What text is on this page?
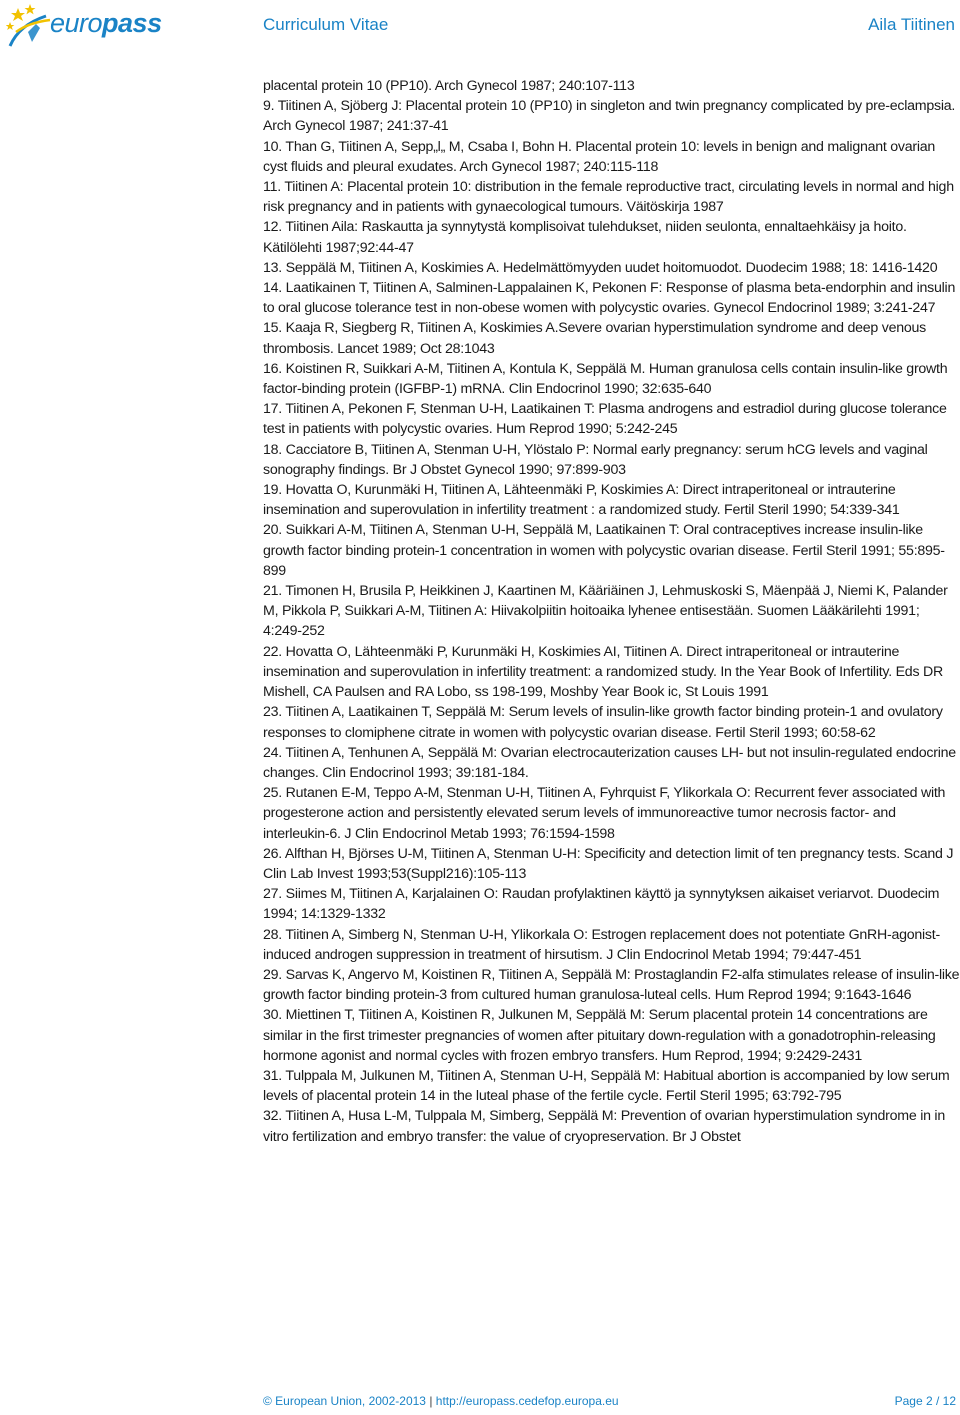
europass	Curriculum Vitae	Aila Tiitinen

placental protein 10 (PP10). Arch Gynecol 1987; 240:107-113

9. Tiitinen A, Sjöberg J: Placental protein 10 (PP10) in singleton and twin pregnancy complicated by pre-eclampsia. Arch Gynecol 1987; 241:37-41

10. Than G, Tiitinen A, Sepp„l„ M, Csaba I, Bohn H. Placental protein 10: levels in benign and malignant ovarian cyst fluids and pleural exudates. Arch Gynecol 1987; 240:115-118

11. Tiitinen A: Placental protein 10: distribution in the female reproductive tract, circulating levels in normal and high risk pregnancy and in patients with gynaecological tumours. Väitöskirja 1987

12. Tiitinen Aila: Raskautta ja synnytystä komplisoivat tulehdukset, niiden seulonta, ennaltaehkäisy ja hoito. Kätilölehti 1987;92:44-47

13. Seppälä M, Tiitinen A, Koskimies A. Hedelmättömyyden uudet hoitomuodot. Duodecim 1988; 18: 1416-1420

14. Laatikainen T, Tiitinen A, Salminen-Lappalainen K, Pekonen F: Response of plasma beta-endorphin and insulin to oral glucose tolerance test in non-obese women with polycystic ovaries. Gynecol Endocrinol 1989; 3:241-247

15. Kaaja R, Siegberg R, Tiitinen A, Koskimies A.Severe ovarian hyperstimulation syndrome and deep venous thrombosis. Lancet 1989; Oct 28:1043

16. Koistinen R, Suikkari A-M, Tiitinen A, Kontula K, Seppälä M. Human granulosa cells contain insulin-like growth factor-binding protein (IGFBP-1) mRNA. Clin Endocrinol 1990; 32:635-640

17. Tiitinen A, Pekonen F, Stenman U-H, Laatikainen T: Plasma androgens and estradiol during glucose tolerance test in patients with polycystic ovaries. Hum Reprod 1990; 5:242-245

18. Cacciatore B, Tiitinen A, Stenman U-H, Ylöstalo P: Normal early pregnancy: serum hCG levels and vaginal sonography findings. Br J Obstet Gynecol 1990; 97:899-903

19. Hovatta O, Kurunmäki H, Tiitinen A, Lähteenmäki P, Koskimies A: Direct intraperitoneal or intrauterine insemination and superovulation in infertility treatment : a randomized study. Fertil Steril 1990; 54:339-341

20. Suikkari A-M, Tiitinen A, Stenman U-H, Seppälä M, Laatikainen T: Oral contraceptives increase insulin-like growth factor binding protein-1 concentration in women with polycystic ovarian disease. Fertil Steril 1991; 55:895-899

21. Timonen H, Brusila P, Heikkinen J, Kaartinen M, Kääriäinen J, Lehmuskoski S, Mäenpää J, Niemi K, Palander M, Pikkola P, Suikkari A-M, Tiitinen A: Hiivakolpiitin hoitoaika lyhenee entisestään. Suomen Lääkärilehti 1991; 4:249-252

22. Hovatta O, Lähteenmäki P, Kurunmäki H, Koskimies AI, Tiitinen A. Direct intraperitoneal or intrauterine insemination and superovulation in infertility treatment: a randomized study. In the Year Book of Infertility. Eds DR Mishell, CA Paulsen and RA Lobo, ss 198-199, Moshby Year Book ic, St Louis 1991

23. Tiitinen A, Laatikainen T, Seppälä M: Serum levels of insulin-like growth factor binding protein-1 and ovulatory responses to clomiphene citrate in women with polycystic ovarian disease. Fertil Steril 1993; 60:58-62

24. Tiitinen A, Tenhunen A, Seppälä M: Ovarian electrocauterization causes LH- but not insulin-regulated endocrine changes. Clin Endocrinol 1993; 39:181-184.

25. Rutanen E-M, Teppo A-M, Stenman U-H, Tiitinen A, Fyhrquist F, Ylikorkala O: Recurrent fever associated with progesterone action and persistently elevated serum levels of immunoreactive tumor necrosis factor- and interleukin-6. J Clin Endocrinol Metab 1993; 76:1594-1598

26. Alfthan H, Björses U-M, Tiitinen A, Stenman U-H: Specificity and detection limit of ten pregnancy tests. Scand J Clin Lab Invest 1993;53(Suppl216):105-113

27. Siimes M, Tiitinen A, Karjalainen O: Raudan profylaktinen käyttö ja synnytyksen aikaiset veriarvot. Duodecim 1994; 14:1329-1332

28. Tiitinen A, Simberg N, Stenman U-H, Ylikorkala O: Estrogen replacement does not potentiate GnRH-agonist-induced androgen suppression in treatment of hirsutism. J Clin Endocrinol Metab 1994; 79:447-451

29. Sarvas K, Angervo M, Koistinen R, Tiitinen A, Seppälä M: Prostaglandin F2-alfa stimulates release of insulin-like growth factor binding protein-3 from cultured human granulosa-luteal cells. Hum Reprod 1994; 9:1643-1646

30. Miettinen T, Tiitinen A, Koistinen R, Julkunen M, Seppälä M: Serum placental protein 14 concentrations are similar in the first trimester pregnancies of women after pituitary down-regulation with a gonadotrophin-releasing hormone agonist and normal cycles with frozen embryo transfers. Hum Reprod, 1994; 9:2429-2431

31. Tulppala M, Julkunen M, Tiitinen A, Stenman U-H, Seppälä M: Habitual abortion is accompanied by low serum levels of placental protein 14 in the luteal phase of the fertile cycle. Fertil Steril 1995; 63:792-795

32. Tiitinen A, Husa L-M, Tulppala M, Simberg, Seppälä M: Prevention of ovarian hyperstimulation syndrome in in vitro fertilization and embryo transfer: the value of cryopreservation. Br J Obstet

© European Union, 2002-2013 | http://europass.cedefop.europa.eu	Page 2 / 12
